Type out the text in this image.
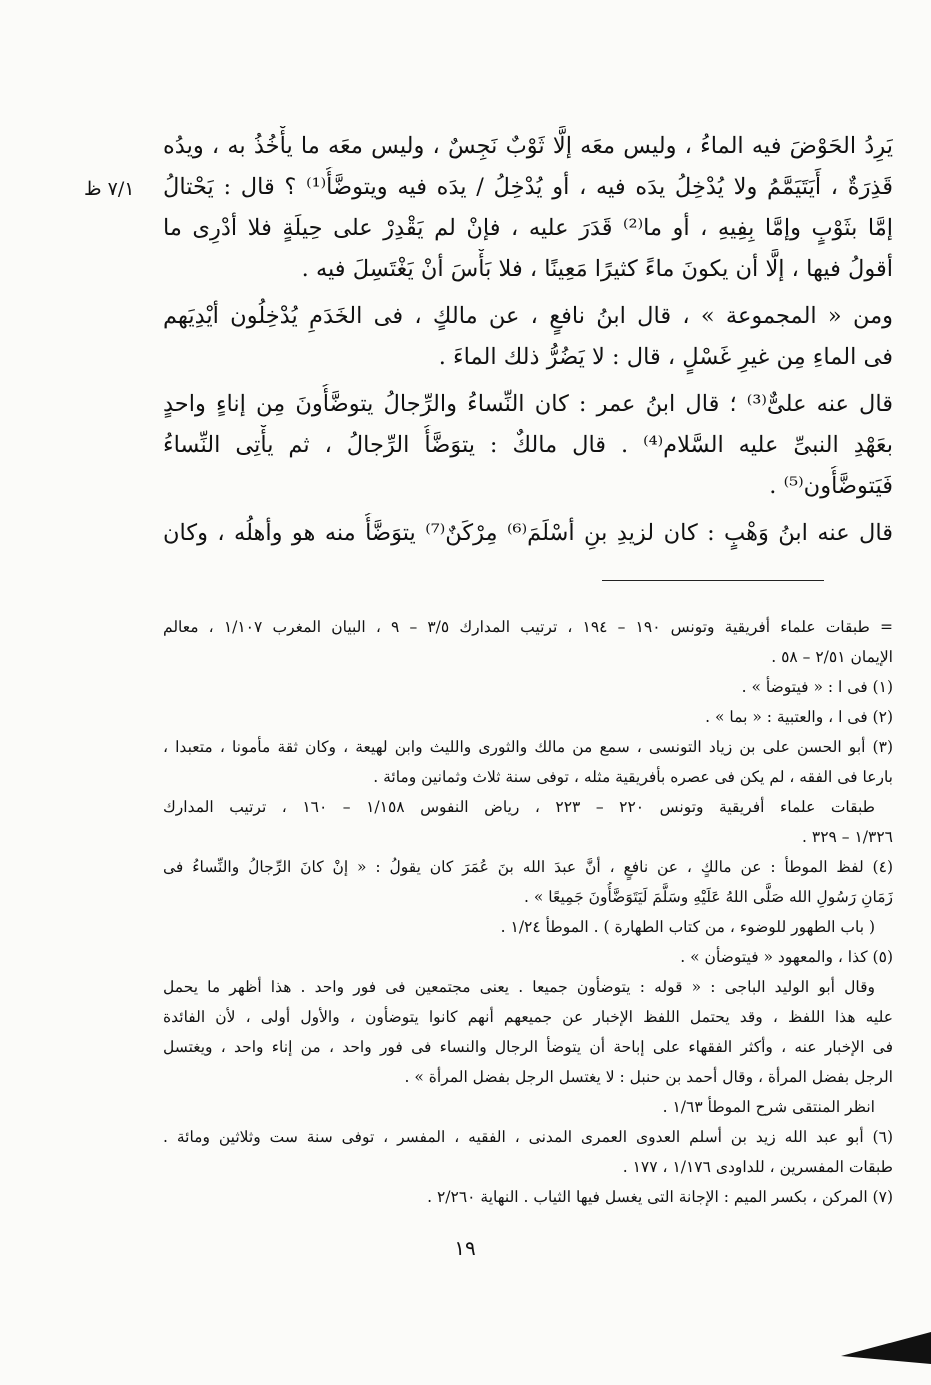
٧/١ ظ
يَرِدُ الحَوْضَ فيه الماءُ ، وليس معَه إلَّا ثَوْبٌ نَجِسٌ ، وليس معَه ما يأْخُذُ به ، ويدُه
قَذِرَةٌ ، أَيَتَيَمَّمُ ولا يُدْخِلُ يدَه فيه ، أو يُدْخِلُ / يدَه فيه ويتوضَّأُ⁽¹⁾ ؟ قال : يَحْتالُ
إمَّا بثَوْبٍ وإمَّا بِفِيهِ ، أو ما⁽²⁾ قَدَرَ عليه ، فإنْ لم يَقْدِرْ على حِيلَةٍ فلا أدْرِى ما
أقولُ فيها ، إلَّا أن يكونَ ماءً كثيرًا مَعِينًا ، فلا بَأْسَ أنْ يَغْتَسِلَ فيه .
ومن « المجموعة » ، قال ابنُ نافعٍ ، عن مالكٍ ، فى الخَدَمِ يُدْخِلُون أيْدِيَهم
فى الماءِ مِن غيرِ غَسْلٍ ، قال : لا يَضُرُّ ذلك الماءَ .
قال عنه علىٌّ⁽³⁾ ؛ قال ابنُ عمر : كان النِّساءُ والرِّجالُ يتوضَّأُونَ مِن إناءٍ واحدٍ
بعَهْدِ النبىِّ عليه السَّلام⁽⁴⁾ . قال مالكٌ : يتوَضَّأُ الرِّجالُ ، ثم يأْتِى النِّساءُ
فَيَتوضَّأُون⁽⁵⁾ .
قال عنه ابنُ وَهْبٍ : كان لزيدِ بنِ أسْلَمَ⁽⁶⁾ مِرْكَنٌ⁽⁷⁾ يتوَضَّأُ منه هو وأهلُه ، وكان
= طبقات علماء أفريقية وتونس ١٩٠ – ١٩٤ ، ترتيب المدارك ٣/٥ – ٩ ، البيان المغرب ١/١٠٧ ، معالم
الإيمان ٢/٥١ – ٥٨ .
(١) فى ا : « فيتوضأ » .
(٢) فى ا ، والعتبية : « بما » .
(٣) أبو الحسن على بن زياد التونسى ، سمع من مالك والثورى والليث وابن لهيعة ، وكان ثقة مأمونا ، متعبدا ،
بارعا فى الفقه ، لم يكن فى عصره بأفريقية مثله ، توفى سنة ثلاث وثمانين ومائة .
طبقات علماء أفريقية وتونس ٢٢٠ – ٢٢٣ ، رياض النفوس ١/١٥٨ – ١٦٠ ، ترتيب المدارك
١/٣٢٦ – ٣٢٩ .
(٤) لفظ الموطأ : عن مالكٍ ، عن نافعٍ ، أنَّ عبدَ الله بنَ عُمَرَ كان يقولُ : « إنْ كانَ الرِّجالُ والنِّساءُ فى
زَمَانِ رَسُولِ الله صَلَّى اللهُ عَلَيْهِ وسَلَّمَ لَيَتَوَضَّأُونَ جَمِيعًا » .
( باب الطهور للوضوء ، من كتاب الطهارة ) . الموطأ ١/٢٤ .
(٥) كذا ، والمعهود « فيتوضأن » .
وقال أبو الوليد الباجى : « قوله : يتوضأون جميعا . يعنى مجتمعين فى فور واحد . هذا أظهر ما يحمل
عليه هذا اللفظ ، وقد يحتمل اللفظ الإخبار عن جميعهم أنهم كانوا يتوضأون ، والأول أولى ، لأن الفائدة
فى الإخبار عنه ، وأكثر الفقهاء على إباحة أن يتوضأ الرجال والنساء فى فور واحد ، من إناء واحد ، ويغتسل
الرجل بفضل المرأة ، وقال أحمد بن حنبل : لا يغتسل الرجل بفضل المرأة » .
انظر المنتقى شرح الموطأ ١/٦٣ .
(٦) أبو عبد الله زيد بن أسلم العدوى العمرى المدنى ، الفقيه ، المفسر ، توفى سنة ست وثلاثين ومائة .
طبقات المفسرين ، للداودى ١/١٧٦ ، ١٧٧ .
(٧) المركن ، بكسر الميم : الإجانة التى يغسل فيها الثياب . النهاية ٢/٢٦٠ .
١٩
